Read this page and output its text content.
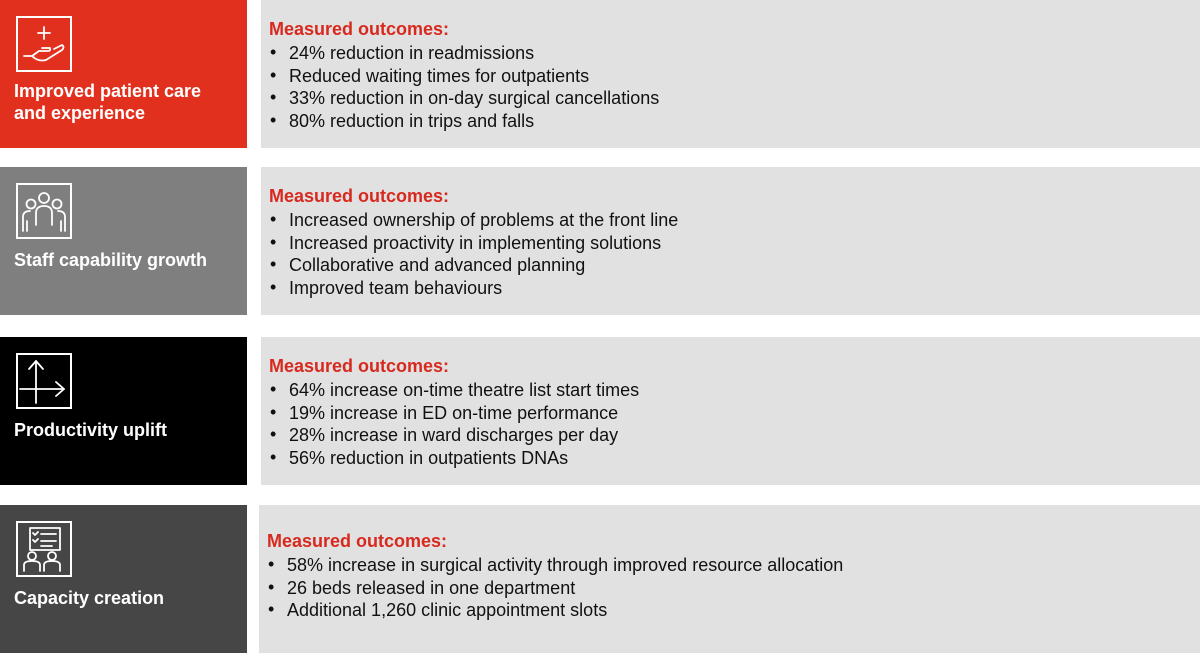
Improved patient care
and experience
Measured outcomes:
• 24% reduction in readmissions
• Reduced waiting times for outpatients
• 33% reduction in on-day surgical cancellations
• 80% reduction in trips and falls
Staff capability growth
Measured outcomes:
• Increased ownership of problems at the front line
• Increased proactivity in implementing solutions
• Collaborative and advanced planning
• Improved team behaviours
Productivity uplift
Measured outcomes:
• 64% increase on-time theatre list start times
• 19% increase in ED on-time performance
• 28% increase in ward discharges per day
• 56% reduction in outpatients DNAs
Capacity creation
Measured outcomes:
• 58% increase in surgical activity through improved resource allocation
• 26 beds released in one department
• Additional 1,260 clinic appointment slots
